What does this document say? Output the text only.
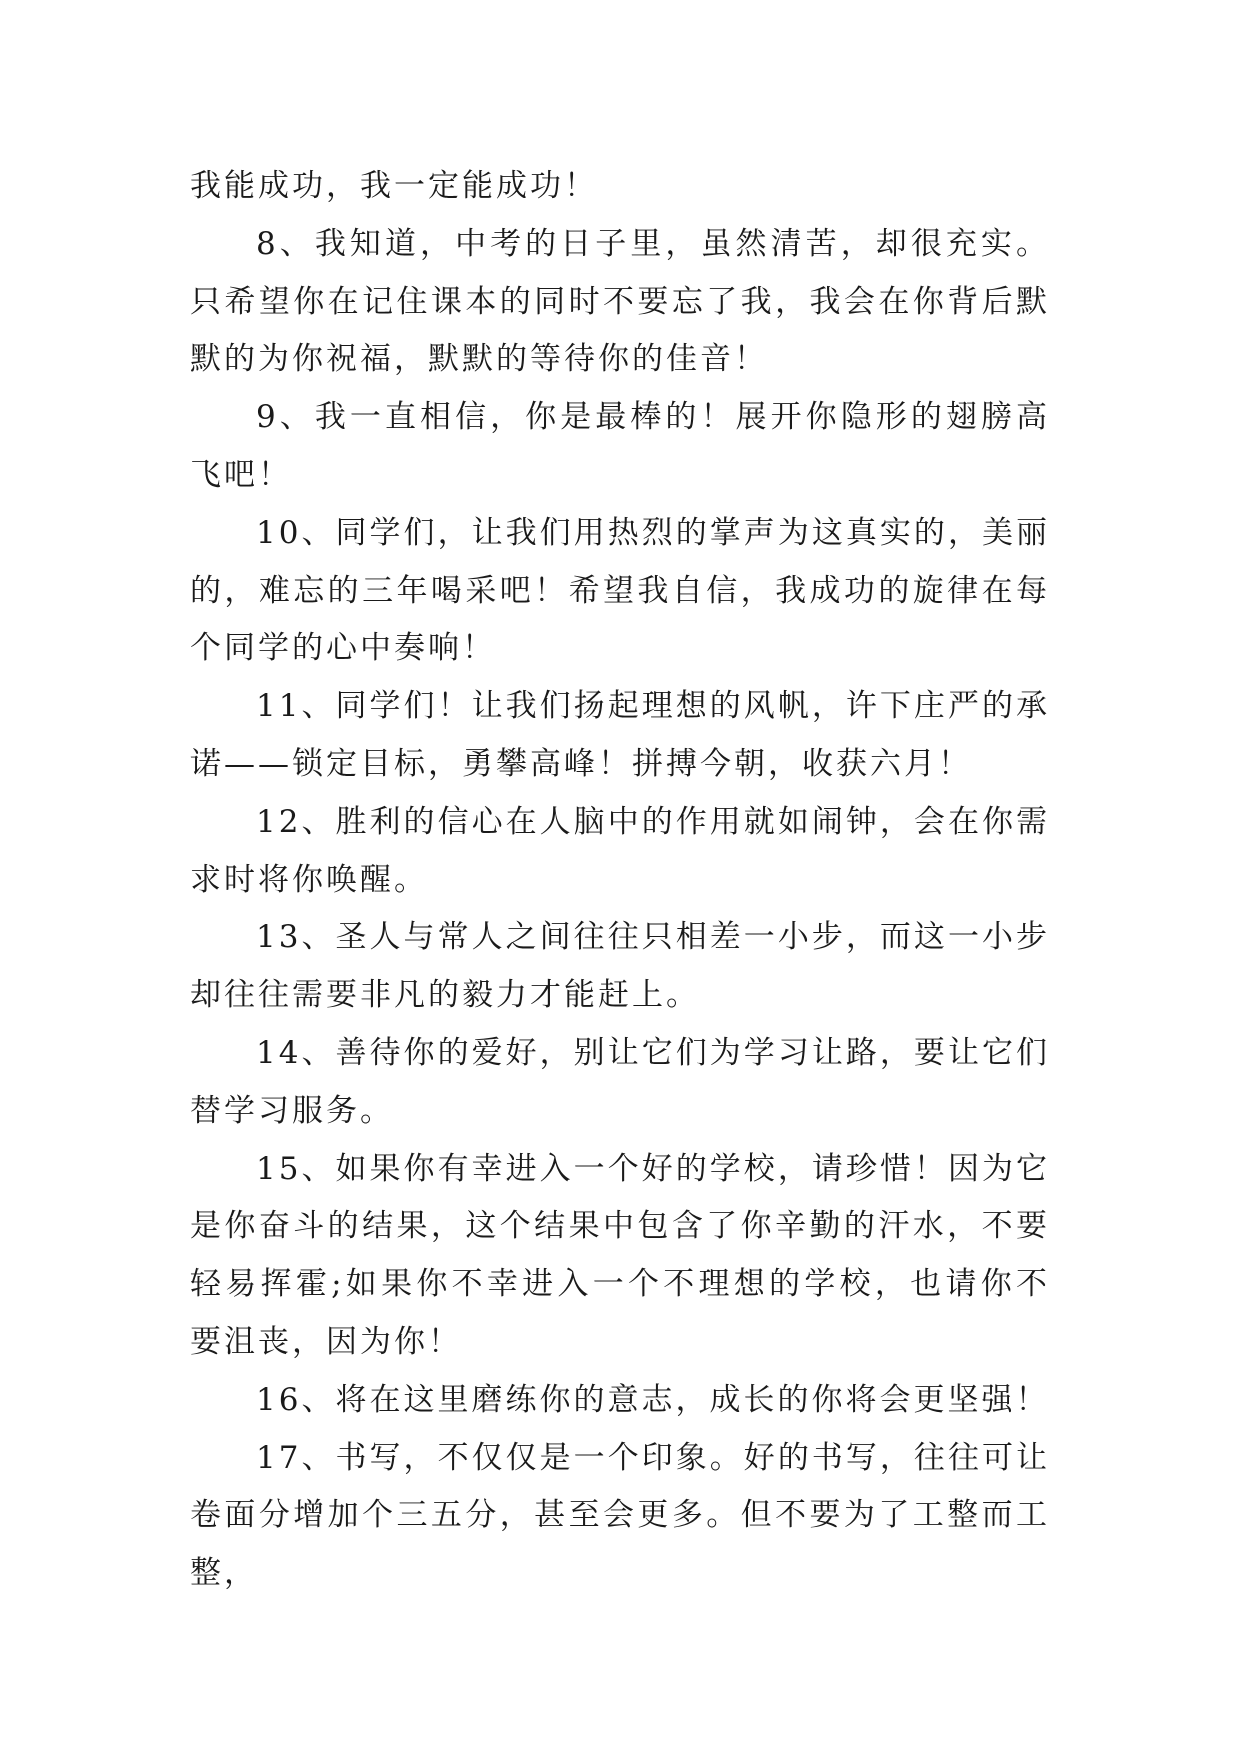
我能成功，我一定能成功！

8、我知道，中考的日子里，虽然清苦，却很充实。只希望你在记住课本的同时不要忘了我，我会在你背后默默的为你祝福，默默的等待你的佳音！

9、我一直相信，你是最棒的！展开你隐形的翅膀高飞吧！

10、同学们，让我们用热烈的掌声为这真实的，美丽的，难忘的三年喝采吧！希望我自信，我成功的旋律在每个同学的心中奏响！

11、同学们！让我们扬起理想的风帆，许下庄严的承诺——锁定目标，勇攀高峰！拼搏今朝，收获六月！

12、胜利的信心在人脑中的作用就如闹钟，会在你需求时将你唤醒。

13、圣人与常人之间往往只相差一小步，而这一小步却往往需要非凡的毅力才能赶上。

14、善待你的爱好，别让它们为学习让路，要让它们替学习服务。

15、如果你有幸进入一个好的学校，请珍惜！因为它是你奋斗的结果，这个结果中包含了你辛勤的汗水，不要轻易挥霍;如果你不幸进入一个不理想的学校，也请你不要沮丧，因为你！

16、将在这里磨练你的意志，成长的你将会更坚强！

17、书写，不仅仅是一个印象。好的书写，往往可让卷面分增加个三五分，甚至会更多。但不要为了工整而工整，
